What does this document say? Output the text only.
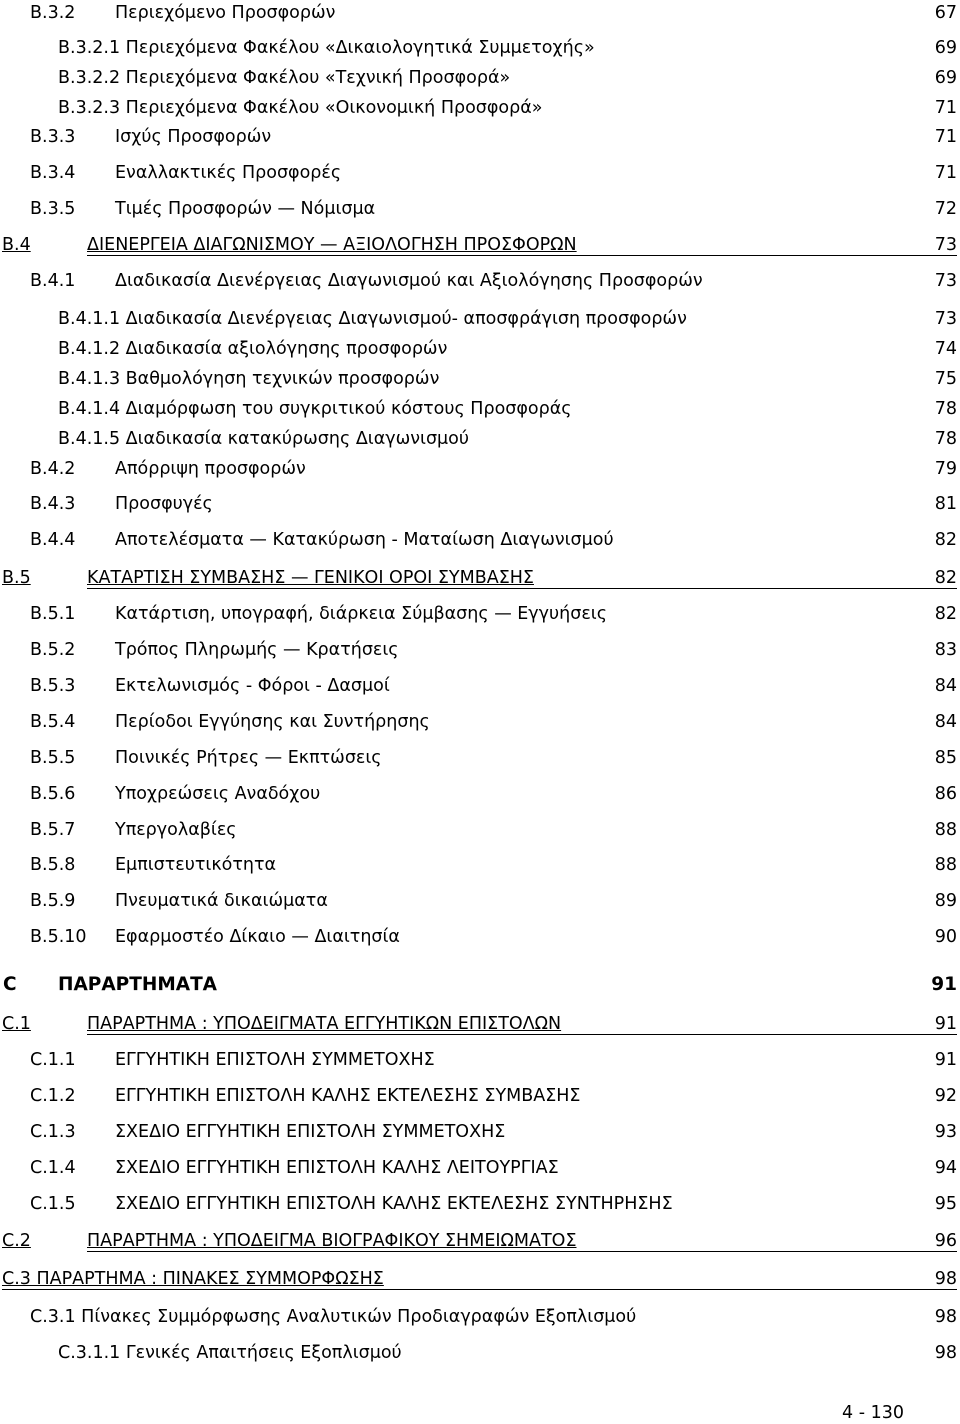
B.3.2 Περιεχόμενο Προσφορών	67
B.3.2.1 Περιεχόμενα Φακέλου «Δικαιολογητικά Συμμετοχής»	69
B.3.2.2 Περιεχόμενα Φακέλου «Τεχνική Προσφορά»	69
B.3.2.3 Περιεχόμενα Φακέλου «Οικονομική Προσφορά»	71
B.3.3 Ισχύς Προσφορών	71
B.3.4 Εναλλακτικές Προσφορές	71
B.3.5 Τιμές Προσφορών — Νόμισμα	72
B.4	ΔΙΕΝΕΡΓΕΙΑ ΔΙΑΓΩΝΙΣΜΟΥ — ΑΞΙΟΛΟΓΗΣΗ ΠΡΟΣΦΟΡΩΝ	73
B.4.1 Διαδικασία Διενέργειας Διαγωνισμού και Αξιολόγησης Προσφορών	73
B.4.1.1 Διαδικασία Διενέργειας Διαγωνισμού- αποσφράγιση προσφορών	73
B.4.1.2 Διαδικασία αξιολόγησης προσφορών	74
B.4.1.3 Βαθμολόγηση τεχνικών προσφορών	75
B.4.1.4 Διαμόρφωση του συγκριτικού κόστους Προσφοράς	78
B.4.1.5 Διαδικασία κατακύρωσης Διαγωνισμού	78
B.4.2 Απόρριψη προσφορών	79
B.4.3 Προσφυγές	81
B.4.4 Αποτελέσματα — Κατακύρωση - Ματαίωση Διαγωνισμού	82
B.5	ΚΑΤΑΡΤΙΣΗ ΣΥΜΒΑΣΗΣ — ΓΕΝΙΚΟΙ ΟΡΟΙ ΣΥΜΒΑΣΗΣ	82
B.5.1 Κατάρτιση, υπογραφή, διάρκεια Σύμβασης — Εγγυήσεις	82
B.5.2 Τρόπος Πληρωμής — Κρατήσεις	83
B.5.3 Εκτελωνισμός - Φόροι - Δασμοί	84
B.5.4 Περίοδοι Εγγύησης και Συντήρησης	84
B.5.5 Ποινικές Ρήτρες — Εκπτώσεις	85
B.5.6 Υποχρεώσεις Αναδόχου	86
B.5.7 Υπεργολαβίες	88
B.5.8 Εμπιστευτικότητα	88
B.5.9 Πνευματικά δικαιώματα	89
B.5.10 Εφαρμοστέο Δίκαιο — Διαιτησία	90
C ΠΑΡΑΡΤΗΜΑΤΑ	91
C.1	ΠΑΡΑΡΤΗΜΑ : ΥΠΟΔΕΙΓΜΑΤΑ ΕΓΓΥΗΤΙΚΩΝ ΕΠΙΣΤΟΛΩΝ	91
C.1.1 ΕΓΓΥΗΤΙΚΗ ΕΠΙΣΤΟΛΗ ΣΥΜΜΕΤΟΧΗΣ	91
C.1.2 ΕΓΓΥΗΤΙΚΗ ΕΠΙΣΤΟΛΗ ΚΑΛΗΣ ΕΚΤΕΛΕΣΗΣ ΣΥΜΒΑΣΗΣ	92
C.1.3 ΣΧΕΔΙΟ ΕΓΓΥΗΤΙΚΗ ΕΠΙΣΤΟΛΗ ΣΥΜΜΕΤΟΧΗΣ	93
C.1.4 ΣΧΕΔΙΟ ΕΓΓΥΗΤΙΚΗ ΕΠΙΣΤΟΛΗ ΚΑΛΗΣ ΛΕΙΤΟΥΡΓΙΑΣ	94
C.1.5 ΣΧΕΔΙΟ ΕΓΓΥΗΤΙΚΗ ΕΠΙΣΤΟΛΗ ΚΑΛΗΣ ΕΚΤΕΛΕΣΗΣ ΣΥΝΤΗΡΗΣΗΣ	95
C.2	ΠΑΡΑΡΤΗΜΑ : ΥΠΟΔΕΙΓΜΑ ΒΙΟΓΡΑΦΙΚΟΥ ΣΗΜΕΙΩΜΑΤΟΣ	96
C.3 ΠΑΡΑΡΤΗΜΑ : ΠΙΝΑΚΕΣ ΣΥΜΜΟΡΦΩΣΗΣ	98
C.3.1 Πίνακες Συμμόρφωσης Αναλυτικών Προδιαγραφών Εξοπλισμού	98
C.3.1.1 Γενικές Απαιτήσεις Εξοπλισμού	98
4 - 130
